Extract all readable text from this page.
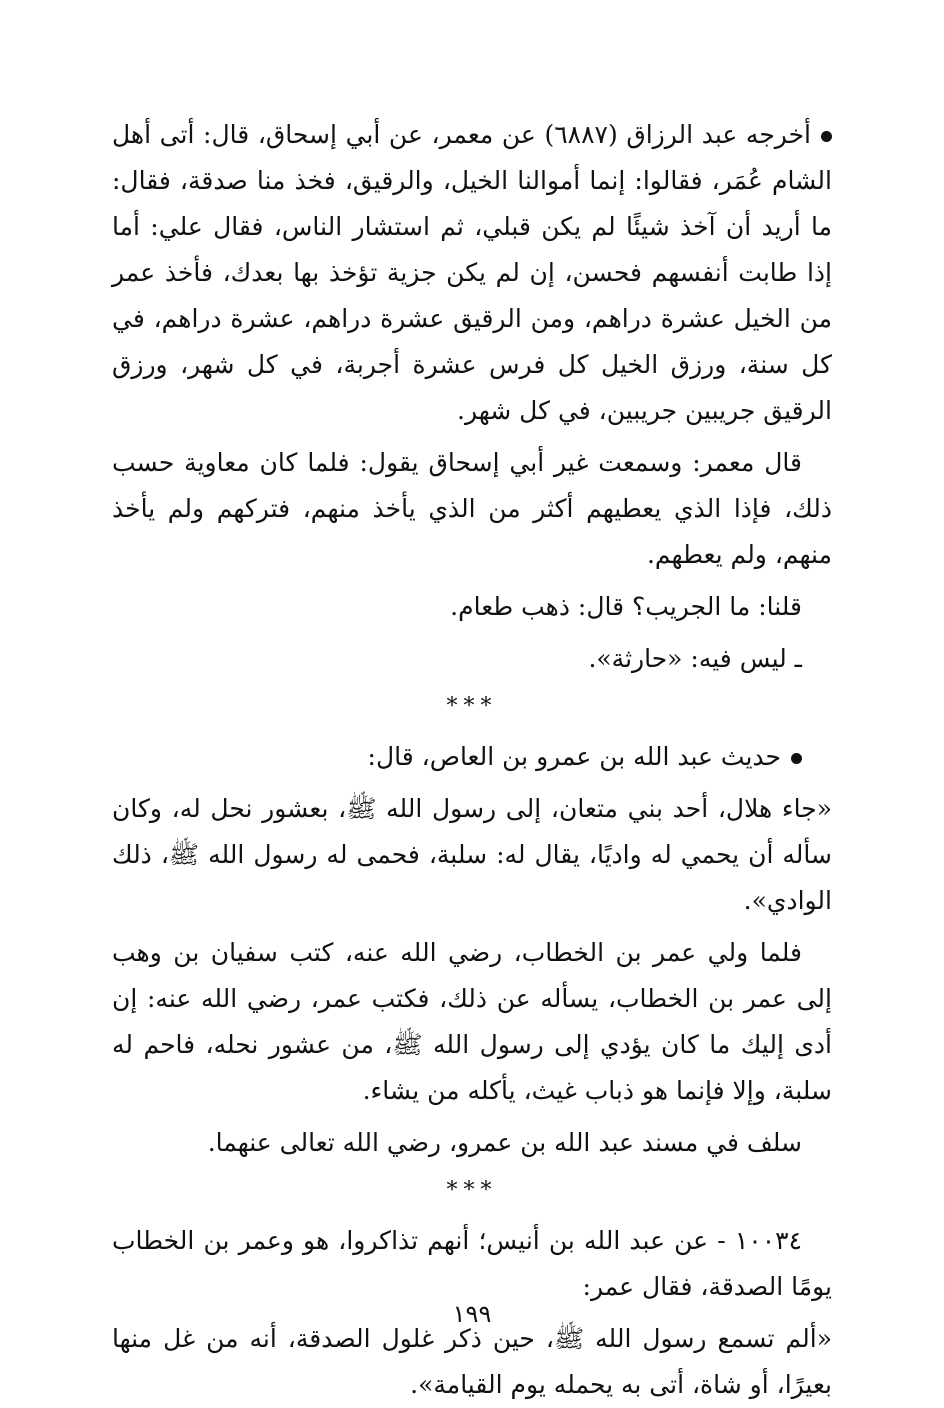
أخرجه عبد الرزاق (٦٨٨٧) عن معمر، عن أبي إسحاق، قال: أتى أهل الشام عُمَر، فقالوا: إنما أموالنا الخيل، والرقيق، فخذ منا صدقة، فقال: ما أريد أن آخذ شيئًا لم يكن قبلي، ثم استشار الناس، فقال علي: أما إذا طابت أنفسهم فحسن، إن لم يكن جزية تؤخذ بها بعدك، فأخذ عمر من الخيل عشرة دراهم، ومن الرقيق عشرة دراهم، عشرة دراهم، في كل سنة، ورزق الخيل كل فرس عشرة أجربة، في كل شهر، ورزق الرقيق جريبين جريبين، في كل شهر.

قال معمر: وسمعت غير أبي إسحاق يقول: فلما كان معاوية حسب ذلك، فإذا الذي يعطيهم أكثر من الذي يأخذ منهم، فتركهم ولم يأخذ منهم، ولم يعطهم.

قلنا: ما الجريب؟ قال: ذهب طعام.

ـ ليس فيه: «حارثة».

***

حديث عبد الله بن عمرو بن العاص، قال:

«جاء هلال، أحد بني متعان، إلى رسول الله ﷺ، بعشور نحل له، وكان سأله أن يحمي له واديًا، يقال له: سلبة، فحمى له رسول الله ﷺ، ذلك الوادي».

فلما ولي عمر بن الخطاب، رضي الله عنه، كتب سفيان بن وهب إلى عمر بن الخطاب، يسأله عن ذلك، فكتب عمر، رضي الله عنه: إن أدى إليك ما كان يؤدي إلى رسول الله ﷺ، من عشور نحله، فاحم له سلبة، وإلا فإنما هو ذباب غيث، يأكله من يشاء.

سلف في مسند عبد الله بن عمرو، رضي الله تعالى عنهما.

***

١٠٠٣٤ - عن عبد الله بن أنيس؛ أنهم تذاكروا، هو وعمر بن الخطاب يومًا الصدقة، فقال عمر:

«ألم تسمع رسول الله ﷺ، حين ذكر غلول الصدقة، أنه من غل منها بعيرًا، أو شاة، أتى به يحمله يوم القيامة».

١٩٩
